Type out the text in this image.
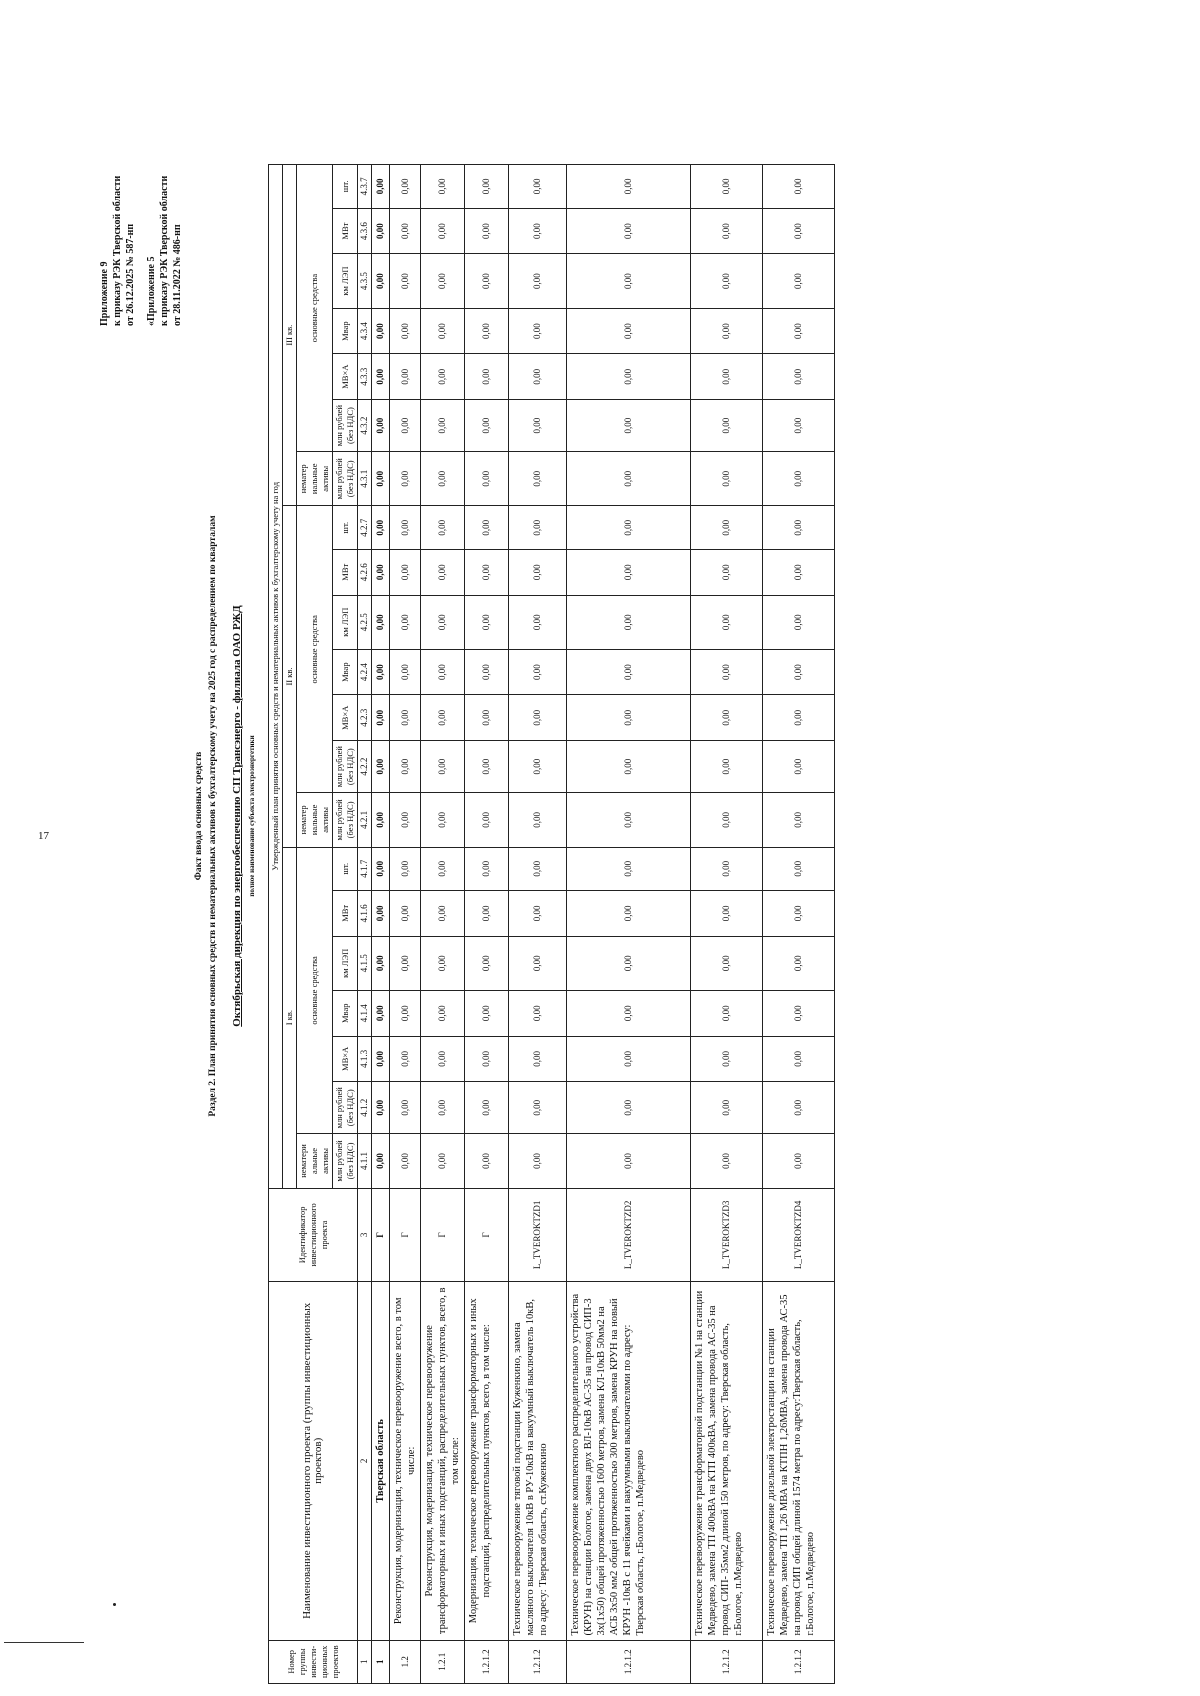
17
Приложение 9 к приказу РЭК Тверской области от 26.12.2025 № 587-нп «Приложение 5 к приказу РЭК Тверской области от 28.11.2022 № 486-нп
Факт ввода основных средств Раздел 2. План принятия основных средств и нематериальных активов к бухгалтерскому учету на 2025 год с распределением по кварталам Октябрьская дирекция по энергообеспечению СП Трансэнерго - филиала ОАО РЖД полное наименование субъекта электроэнергетики
Номер группы инвести-ционных проектов	Наименование инвестиционного проекта (группы инвестиционных проектов)	Идентификатор инвестиционного проекта	Утвержденный план принятия основных средств и нематериальных активов к бухгалтерскому учету на год																				
			I кв.							II кв.							III кв.						
			нематери альные активы	основные средства						нематер иальные активы	основные средства						нематер иальные активы	основные средства					
			млн рублей (без НДС)	млн рублей (без НДС)	МВ×А	Мвар	км ЛЭП	МВт	шт.	млн рублей (без НДС)	млн рублей (без НДС)	МВ×А	Мвар	км ЛЭП	МВт	шт.	млн рублей (без НДС)	млн рублей (без НДС)	МВ×А	Мвар	км ЛЭП	МВт	шт.
1	2	3	4.1.1	4.1.2	4.1.3	4.1.4	4.1.5	4.1.6	4.1.7	4.2.1	4.2.2	4.2.3	4.2.4	4.2.5	4.2.6	4.2.7	4.3.1	4.3.2	4.3.3	4.3.4	4.3.5	4.3.6	4.3.7
1	Тверская область	Г	0,00	0,00	0,00	0,00	0,00	0,00	0,00	0,00	0,00	0,00	0,00	0,00	0,00	0,00	0,00	0,00	0,00	0,00	0,00	0,00	0,00
1.2	Реконструкция, модернизация, техническое перевооружение всего, в том числе:	Г	0,00	0,00	0,00	0,00	0,00	0,00	0,00	0,00	0,00	0,00	0,00	0,00	0,00	0,00	0,00	0,00	0,00	0,00	0,00	0,00	0,00
1.2.1	Реконструкция, модернизация, техническое перевооружение трансформаторных и иных подстанций, распределительных пунктов, всего, в том числе:	Г	0,00	0,00	0,00	0,00	0,00	0,00	0,00	0,00	0,00	0,00	0,00	0,00	0,00	0,00	0,00	0,00	0,00	0,00	0,00	0,00	0,00
1.2.1.2	Модернизация, техническое перевооружение трансформаторных и иных подстанций, распределительных пунктов, всего, в том числе:	Г	0,00	0,00	0,00	0,00	0,00	0,00	0,00	0,00	0,00	0,00	0,00	0,00	0,00	0,00	0,00	0,00	0,00	0,00	0,00	0,00	0,00
1.2.1.2	Техническое перевооружение тяговой подстанции Куженкино, замена масляного выключателя 10кВ в РУ-10кВ на вакуумный выключатель 10кВ, по адресу: Тверская область, ст.Куженкино	L_TVEROKTZD1	0,00	0,00	0,00	0,00	0,00	0,00	0,00	0,00	0,00	0,00	0,00	0,00	0,00	0,00	0,00	0,00	0,00	0,00	0,00	0,00	0,00
1.2.1.2	Техническое перевооружение комплектного распределительного устройства (КРУН) на станции Бологое, замена двух ВЛ-10кВ АС-35 на провод СИП-3 3х(1х50) общей протяженностью 1600 метров, замена КЛ-10кВ 50мм2 на АСБ 3х50 мм2 общей протяженностью 300 метров, замена КРУН на новый КРУН -10кВ с 11 ячейками и вакуумными выключателями по адресу: Тверская область, г.Бологое, п.Медведево	L_TVEROKTZD2	0,00	0,00	0,00	0,00	0,00	0,00	0,00	0,00	0,00	0,00	0,00	0,00	0,00	0,00	0,00	0,00	0,00	0,00	0,00	0,00	0,00
1.2.1.2	Техническое перевооружение трансформаторной подстанции №1 на станции Медведево, замена ТП 400кВА на КТП 400кВА, замена провода АС-35 на провод СИП- 35мм2 длиной 150 метров, по адресу: Тверская область, г.Бологое, п.Медведево	L_TVEROKTZD3	0,00	0,00	0,00	0,00	0,00	0,00	0,00	0,00	0,00	0,00	0,00	0,00	0,00	0,00	0,00	0,00	0,00	0,00	0,00	0,00	0,00
1.2.1.2	Техническое перевооружение дизельной электростанции на станции Медведево, замена ТП 1,26 МВА на КТПН 1,26МВА, замена провода АС-35 на провод СИП общей длиной 1574 метра по адресу:Тверская область, г.Бологое, п.Медведево	L_TVEROKTZD4	0,00	0,00	0,00	0,00	0,00	0,00	0,00	0,00	0,00	0,00	0,00	0,00	0,00	0,00	0,00	0,00	0,00	0,00	0,00	0,00	0,00
